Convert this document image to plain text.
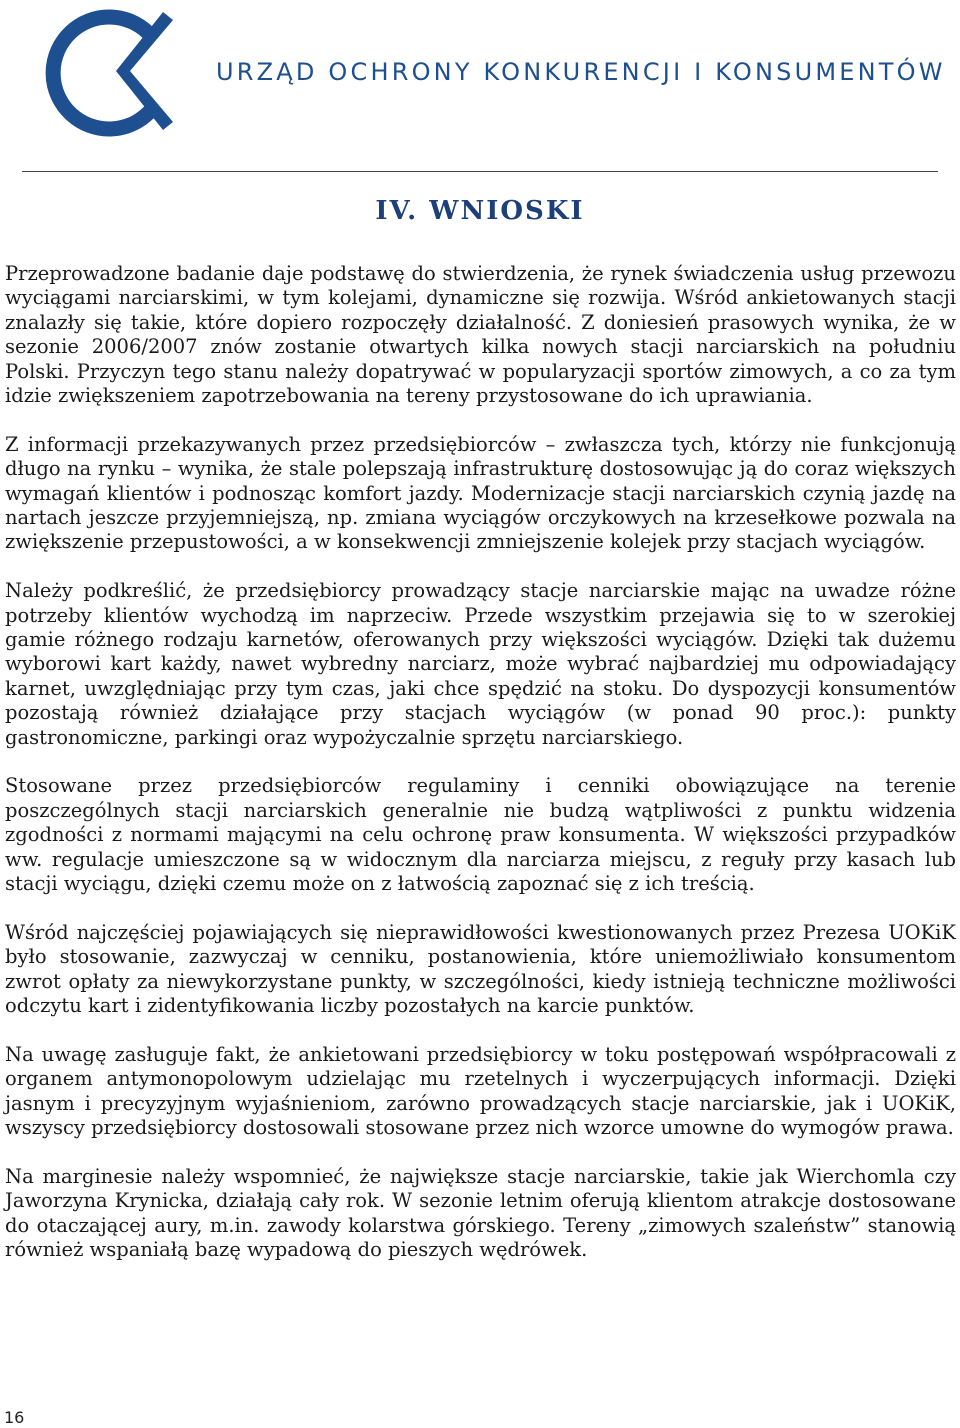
URZĄD OCHRONY KONKURENCJI I KONSUMENTÓW
IV. WNIOSKI

Przeprowadzone badanie daje podstawę do stwierdzenia, że rynek świadczenia usług przewozu wyciągami narciarskimi, w tym kolejami, dynamiczne się rozwija. Wśród ankietowanych stacji znalazły się takie, które dopiero rozpoczęły działalność. Z doniesień prasowych wynika, że w sezonie 2006/2007 znów zostanie otwartych kilka nowych stacji narciarskich na południu Polski. Przyczyn tego stanu należy dopatrywać w popularyzacji sportów zimowych, a co za tym idzie zwiększeniem zapotrzebowania na tereny przystosowane do ich uprawiania.

Z informacji przekazywanych przez przedsiębiorców – zwłaszcza tych, którzy nie funkcjonują długo na rynku – wynika, że stale polepszają infrastrukturę dostosowując ją do coraz większych wymagań klientów i podnosząc komfort jazdy. Modernizacje stacji narciarskich czynią jazdę na nartach jeszcze przyjemniejszą, np. zmiana wyciągów orczykowych na krzesełkowe pozwala na zwiększenie przepustowości, a w konsekwencji zmniejszenie kolejek przy stacjach wyciągów.

Należy podkreślić, że przedsiębiorcy prowadzący stacje narciarskie mając na uwadze różne potrzeby klientów wychodzą im naprzeciw. Przede wszystkim przejawia się to w szerokiej gamie różnego rodzaju karnetów, oferowanych przy większości wyciągów. Dzięki tak dużemu wyborowi kart każdy, nawet wybredny narciarz, może wybrać najbardziej mu odpowiadający karnet, uwzględniając przy tym czas, jaki chce spędzić na stoku. Do dyspozycji konsumentów pozostają również działające przy stacjach wyciągów (w ponad 90 proc.): punkty gastronomiczne, parkingi oraz wypożyczalnie sprzętu narciarskiego.

Stosowane przez przedsiębiorców regulaminy i cenniki obowiązujące na terenie poszczególnych stacji narciarskich generalnie nie budzą wątpliwości z punktu widzenia zgodności z normami mającymi na celu ochronę praw konsumenta. W większości przypadków ww. regulacje umieszczone są w widocznym dla narciarza miejscu, z reguły przy kasach lub stacji wyciągu, dzięki czemu może on z łatwością zapoznać się z ich treścią.

Wśród najczęściej pojawiających się nieprawidłowości kwestionowanych przez Prezesa UOKiK było stosowanie, zazwyczaj w cenniku, postanowienia, które uniemożliwiało konsumentom zwrot opłaty za niewykorzystane punkty, w szczególności, kiedy istnieją techniczne możliwości odczytu kart i zidentyfikowania liczby pozostałych na karcie punktów.

Na uwagę zasługuje fakt, że ankietowani przedsiębiorcy w toku postępowań współpracowali z organem antymonopolowym udzielając mu rzetelnych i wyczerpujących informacji. Dzięki jasnym i precyzyjnym wyjaśnieniom, zarówno prowadzących stacje narciarskie, jak i UOKiK, wszyscy przedsiębiorcy dostosowali stosowane przez nich wzorce umowne do wymogów prawa.

Na marginesie należy wspomnieć, że największe stacje narciarskie, takie jak Wierchomla czy Jaworzyna Krynicka, działają cały rok. W sezonie letnim oferują klientom atrakcje dostosowane do otaczającej aury, m.in. zawody kolarstwa górskiego. Tereny „zimowych szaleństw” stanowią również wspaniałą bazę wypadową do pieszych wędrówek.

16
